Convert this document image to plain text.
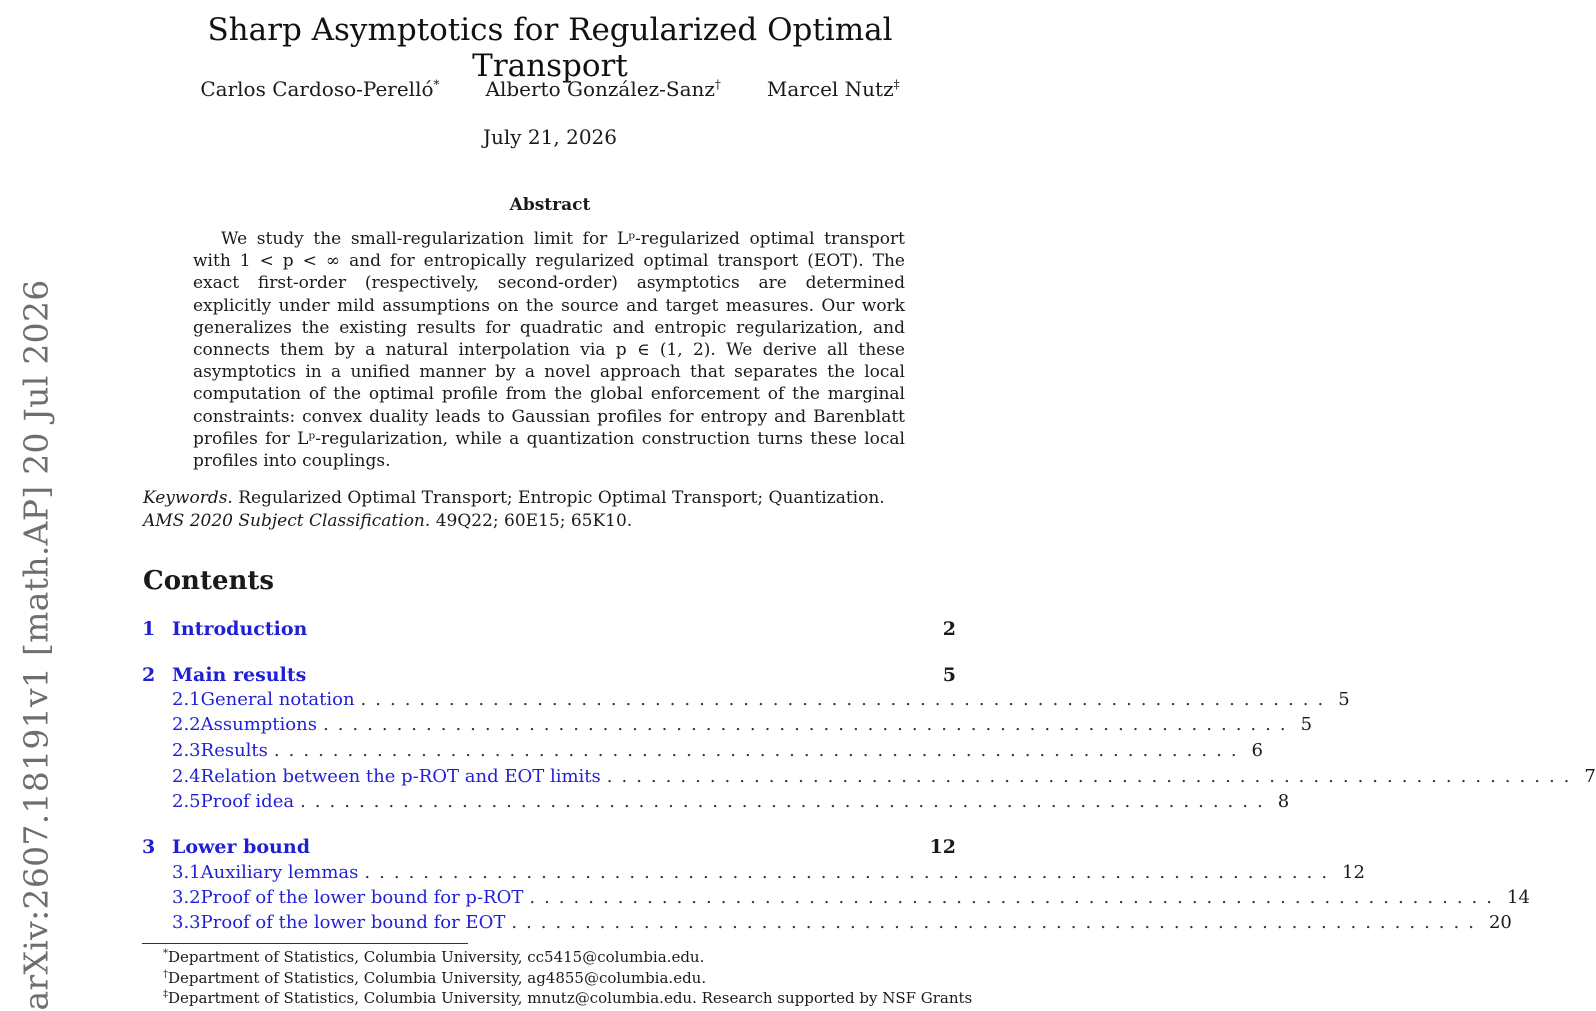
arXiv:2607.18191v1 [math.AP] 20 Jul 2026
Sharp Asymptotics for Regularized Optimal Transport
Carlos Cardoso-Perelló* Alberto González-Sanz† Marcel Nutz‡
July 21, 2026
Abstract
We study the small-regularization limit for Lᵖ-regularized optimal transport with 1 < p < ∞ and for entropically regularized optimal transport (EOT). The exact first-order (respectively, second-order) asymptotics are determined explicitly under mild assumptions on the source and target measures. Our work generalizes the existing results for quadratic and entropic regularization, and connects them by a natural interpolation via p ∈ (1, 2). We derive all these asymptotics in a unified manner by a novel approach that separates the local computation of the optimal profile from the global enforcement of the marginal constraints: convex duality leads to Gaussian profiles for entropy and Barenblatt profiles for Lᵖ-regularization, while a quantization construction turns these local profiles into couplings.
Keywords. Regularized Optimal Transport; Entropic Optimal Transport; Quantization.
AMS 2020 Subject Classification. 49Q22; 60E15; 65K10.
Contents
1 Introduction	2
2 Main results	5
2.1 General notation .................................................................. 5
2.2 Assumptions .................................................................. 5
2.3 Results .................................................................. 6
2.4 Relation between the p-ROT and EOT limits .................................................................. 7
2.5 Proof idea .................................................................. 8
3 Lower bound	12
3.1 Auxiliary lemmas .................................................................. 12
3.2 Proof of the lower bound for p-ROT .................................................................. 14
3.3 Proof of the lower bound for EOT .................................................................. 20
*Department of Statistics, Columbia University, cc5415@columbia.edu.
†Department of Statistics, Columbia University, ag4855@columbia.edu.
‡Department of Statistics, Columbia University, mnutz@columbia.edu. Research supported by NSF Grants
